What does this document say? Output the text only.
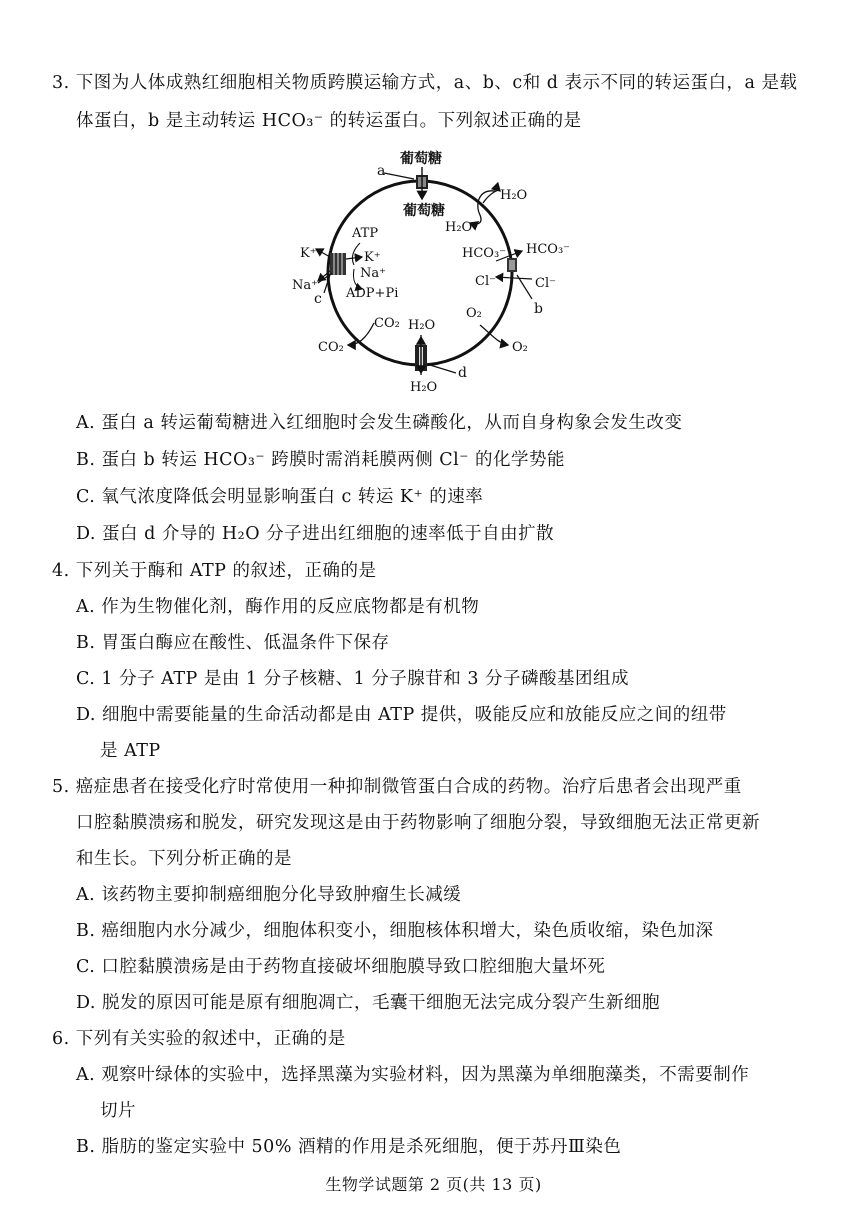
3. 下图为人体成熟红细胞相关物质跨膜运输方式，a、b、c和 d 表示不同的转运蛋白，a 是载
体蛋白，b 是主动转运 HCO₃⁻ 的转运蛋白。下列叙述正确的是
a
葡萄糖
葡萄糖
H₂O
H₂O
HCO₃⁻ HCO₃⁻
Cl⁻	Cl⁻
b
O₂
O₂
H₂O
H₂O
d
CO₂
CO₂
ATP
K⁺
Na⁺
ADP+Pi
K⁺
Na⁺
c
A. 蛋白 a 转运葡萄糖进入红细胞时会发生磷酸化，从而自身构象会发生改变
B. 蛋白 b 转运 HCO₃⁻ 跨膜时需消耗膜两侧 Cl⁻ 的化学势能
C. 氧气浓度降低会明显影响蛋白 c 转运 K⁺ 的速率
D. 蛋白 d 介导的 H₂O 分子进出红细胞的速率低于自由扩散
4. 下列关于酶和 ATP 的叙述，正确的是
A. 作为生物催化剂，酶作用的反应底物都是有机物
B. 胃蛋白酶应在酸性、低温条件下保存
C. 1 分子 ATP 是由 1 分子核糖、1 分子腺苷和 3 分子磷酸基团组成
D. 细胞中需要能量的生命活动都是由 ATP 提供，吸能反应和放能反应之间的纽带
是 ATP
5. 癌症患者在接受化疗时常使用一种抑制微管蛋白合成的药物。治疗后患者会出现严重
口腔黏膜溃疡和脱发，研究发现这是由于药物影响了细胞分裂，导致细胞无法正常更新
和生长。下列分析正确的是
A. 该药物主要抑制癌细胞分化导致肿瘤生长减缓
B. 癌细胞内水分减少，细胞体积变小，细胞核体积增大，染色质收缩，染色加深
C. 口腔黏膜溃疡是由于药物直接破坏细胞膜导致口腔细胞大量坏死
D. 脱发的原因可能是原有细胞凋亡，毛囊干细胞无法完成分裂产生新细胞
6. 下列有关实验的叙述中，正确的是
A. 观察叶绿体的实验中，选择黑藻为实验材料，因为黑藻为单细胞藻类，不需要制作
切片
B. 脂肪的鉴定实验中 50% 酒精的作用是杀死细胞，便于苏丹Ⅲ染色
生物学试题第 2 页(共 13 页)
